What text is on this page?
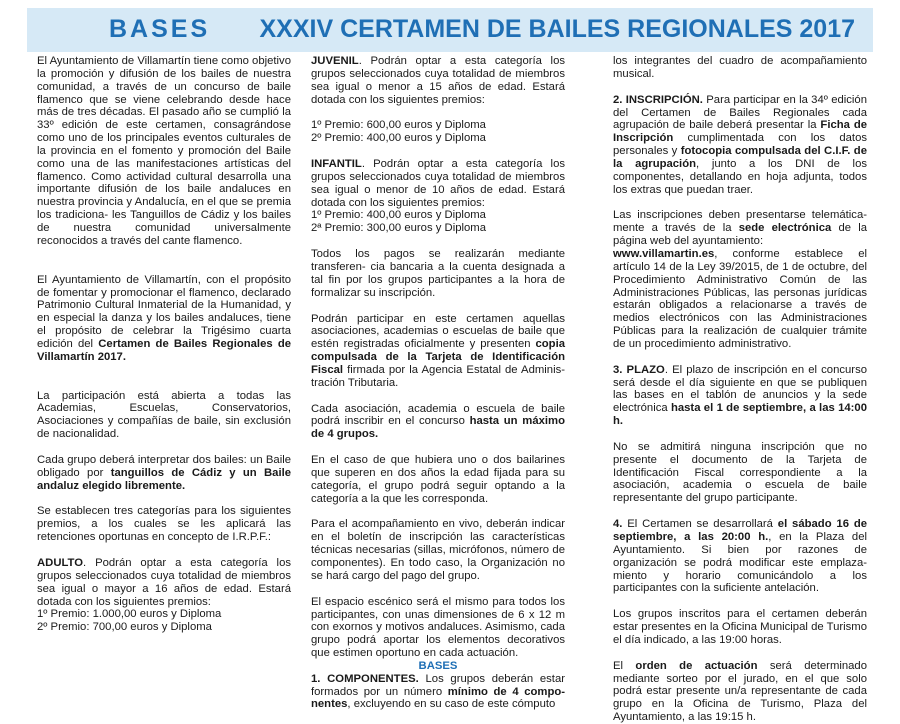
BASES XXXIV CERTAMEN DE BAILES REGIONALES 2017

El Ayuntamiento de Villamartín tiene como objetivo la promoción y difusión de los bailes de nuestra comunidad, a través de un concurso de baile flamenco que se viene celebrando desde hace más de tres décadas. El pasado año se cumplió la 33º edición de este certamen, consagrándose como uno de los principales eventos culturales de la provincia en el fomento y promoción del Baile como una de las manifestaciones artísticas del flamenco. Como actividad cultural desarrolla una importante difusión de los baile andaluces en nuestra provincia y Andalucía, en el que se premia los tradiciona- les Tanguillos de Cádiz y los bailes de nuestra comunidad universalmente reconocidos a través del cante flamenco.

El Ayuntamiento de Villamartín, con el propósito de fomentar y promocionar el flamenco, declarado Patrimonio Cultural Inmaterial de la Humanidad, y en especial la danza y los bailes andaluces, tiene el propósito de celebrar la Trigésimo cuarta edición del Certamen de Bailes Regionales de Villamartín 2017.

La participación está abierta a todas las Academias, Escuelas, Conservatorios, Asociaciones y compañías de baile, sin exclusión de nacionalidad.

Cada grupo deberá interpretar dos bailes: un Baile obligado por tanguillos de Cádiz y un Baile andaluz elegido libremente.

Se establecen tres categorías para los siguientes premios, a los cuales se les aplicará las retenciones oportunas en concepto de I.R.P.F.:

ADULTO. Podrán optar a esta categoría los grupos seleccionados cuya totalidad de miembros sea igual o mayor a 16 años de edad. Estará dotada con los siguientes premios:

1º Premio: 1.000,00 euros y Diploma

2º Premio: 700,00 euros y Diploma

JUVENIL. Podrán optar a esta categoría los grupos seleccionados cuya totalidad de miembros sea igual o menor a 15 años de edad. Estará dotada con los siguientes premios:

1º Premio: 600,00 euros y Diploma

2º Premio: 400,00 euros y Diploma

INFANTIL. Podrán optar a esta categoría los grupos seleccionados cuya totalidad de miembros sea igual o menor de 10 años de edad. Estará dotada con los siguientes premios:

1º Premio: 400,00 euros y Diploma

2ª Premio: 300,00 euros y Diploma

Todos los pagos se realizarán mediante transferen- cia bancaria a la cuenta designada a tal fin por los grupos participantes a la hora de formalizar su inscripción.

Podrán participar en este certamen aquellas asociaciones, academias o escuelas de baile que estén registradas oficialmente y presenten copia compulsada de la Tarjeta de Identificación Fiscal firmada por la Agencia Estatal de Adminis- tración Tributaria.

Cada asociación, academia o escuela de baile podrá inscribir en el concurso hasta un máximo de 4 grupos.

En el caso de que hubiera uno o dos bailarines que superen en dos años la edad fijada para su categoría, el grupo podrá seguir optando a la categoría a la que les corresponda.

Para el acompañamiento en vivo, deberán indicar en el boletín de inscripción las características técnicas necesarias (sillas, micrófonos, número de componentes). En todo caso, la Organización no se hará cargo del pago del grupo.

El espacio escénico será el mismo para todos los participantes, con unas dimensiones de 6 x 12 m con exornos y motivos andaluces. Asimismo, cada grupo podrá aportar los elementos decorativos que estimen oportuno en cada actuación.

BASES

1. COMPONENTES. Los grupos deberán estar formados por un número mínimo de 4 compo- nentes, excluyendo en su caso de este cómputo

los integrantes del cuadro de acompañamiento musical.

2. INSCRIPCIÓN. Para participar en la 34º edición del Certamen de Bailes Regionales cada agrupación de baile deberá presentar la Ficha de Inscripción cumplimentada con los datos personales y fotocopia compulsada del C.I.F. de la agrupación, junto a los DNI de los componentes, detallando en hoja adjunta, todos los extras que puedan traer.

Las inscripciones deben presentarse telemática- mente a través de la sede electrónica de la página web del ayuntamiento:

www.villamartin.es, conforme establece el artículo 14 de la Ley 39/2015, de 1 de octubre, del Procedimiento Administrativo Común de las Administraciones Públicas, las personas jurídicas estarán obligados a relacionarse a través de medios electrónicos con las Administraciones Públicas para la realización de cualquier trámite de un procedimiento administrativo.

3. PLAZO. El plazo de inscripción en el concurso será desde el día siguiente en que se publiquen las bases en el tablón de anuncios y la sede electrónica hasta el 1 de septiembre, a las 14:00 h.

No se admitirá ninguna inscripción que no presente el documento de la Tarjeta de Identificación Fiscal correspondiente a la asociación, academia o escuela de baile representante del grupo participante.

4. El Certamen se desarrollará el sábado 16 de septiembre, a las 20:00 h., en la Plaza del Ayuntamiento. Si bien por razones de organización se podrá modificar este emplaza- miento y horario comunicándolo a los participantes con la suficiente antelación.

Los grupos inscritos para el certamen deberán estar presentes en la Oficina Municipal de Turismo el día indicado, a las 19:00 horas.

El orden de actuación será determinado mediante sorteo por el jurado, en el que solo podrá estar presente un/a representante de cada grupo en la Oficina de Turismo, Plaza del Ayuntamiento, a las 19:15 h.
